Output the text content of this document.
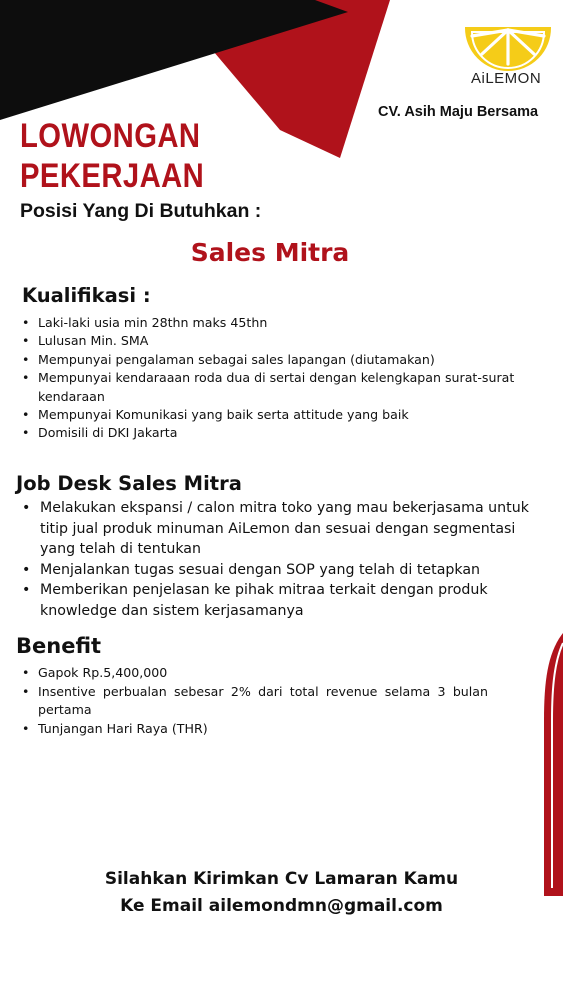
AiLEMON
CV. Asih Maju Bersama
LOWONGAN
PEKERJAAN
Posisi Yang Di Butuhkan :
Sales Mitra
Kualifikasi :
• Laki-laki usia min 28thn maks 45thn
• Lulusan Min. SMA
• Mempunyai pengalaman sebagai sales lapangan (diutamakan)
• Mempunyai kendaraaan roda dua di sertai dengan kelengkapan surat-surat kendaraan
• Mempunyai Komunikasi yang baik serta attitude yang baik
• Domisili di DKI Jakarta
Job Desk Sales Mitra
• Melakukan ekspansi / calon mitra toko yang mau bekerjasama untuk titip jual produk minuman AiLemon dan sesuai dengan segmentasi yang telah di tentukan
• Menjalankan tugas sesuai dengan SOP yang telah di tetapkan
• Memberikan penjelasan ke pihak mitraa terkait dengan produk knowledge dan sistem kerjasamanya
Benefit
• Gapok Rp.5,400,000
• Insentive perbualan sebesar 2% dari total revenue selama 3 bulan pertama
• Tunjangan Hari Raya (THR)
Silahkan Kirimkan Cv Lamaran Kamu
Ke Email ailemondmn@gmail.com
